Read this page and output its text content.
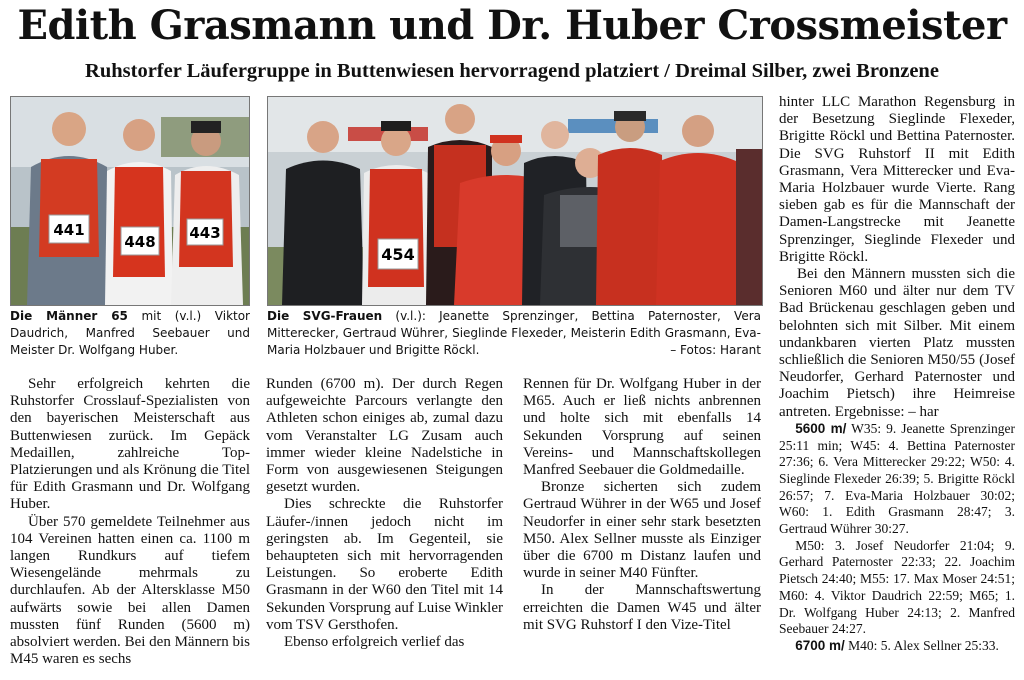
Edith Grasmann und Dr. Huber Crossmeister
Ruhstorfer Läufergruppe in Buttenwiesen hervorragend platziert / Dreimal Silber, zwei Bronzene
441
448 443
454

Die Männer 65 mit (v.l.) Viktor Daudrich, Manfred Seebauer und Meister Dr. Wolfgang Huber.

Die SVG-Frauen (v.l.): Jeanette Sprenzinger, Bettina Paternoster, Vera Mitterecker, Gertraud Wührer, Sieglinde Flexeder, Meisterin Edith Grasmann, Eva-Maria Holzbauer und Brigitte Röckl.	– Fotos: Harant

Sehr erfolgreich kehrten die Ruhstorfer Crosslauf-Spezialisten von den bayerischen Meisterschaft aus Buttenwiesen zurück. Im Gepäck Medaillen, zahlreiche Top-Platzierungen und als Krönung die Titel für Edith Grasmann und Dr. Wolfgang Huber.

Über 570 gemeldete Teilnehmer aus 104 Vereinen hatten einen ca. 1100 m langen Rundkurs auf tiefem Wiesengelände mehrmals zu durchlaufen. Ab der Altersklasse M50 aufwärts sowie bei allen Damen mussten fünf Runden (5600 m) absolviert werden. Bei den Männern bis M45 waren es sechs

Runden (6700 m). Der durch Regen aufgeweichte Parcours verlangte den Athleten schon einiges ab, zumal dazu vom Veranstalter LG Zusam auch immer wieder kleine Nadelstiche in Form von ausgewiesenen Steigungen gesetzt wurden.

Dies schreckte die Ruhstorfer Läufer-/innen jedoch nicht im geringsten ab. Im Gegenteil, sie behaupteten sich mit hervorragenden Leistungen. So eroberte Edith Grasmann in der W60 den Titel mit 14 Sekunden Vorsprung auf Luise Winkler vom TSV Gersthofen.

Ebenso erfolgreich verlief das

Rennen für Dr. Wolfgang Huber in der M65. Auch er ließ nichts anbrennen und holte sich mit ebenfalls 14 Sekunden Vorsprung auf seinen Vereins- und Mannschaftskollegen Manfred Seebauer die Goldmedaille.

Bronze sicherten sich zudem Gertraud Wührer in der W65 und Josef Neudorfer in einer sehr stark besetzten M50. Alex Sellner musste als Einziger über die 6700 m Distanz laufen und wurde in seiner M40 Fünfter.

In der Mannschaftswertung erreichten die Damen W45 und älter mit SVG Ruhstorf I den Vize-Titel

hinter LLC Marathon Regensburg in der Besetzung Sieglinde Flexeder, Brigitte Röckl und Bettina Paternoster. Die SVG Ruhstorf II mit Edith Grasmann, Vera Mitterecker und Eva-Maria Holzbauer wurde Vierte. Rang sieben gab es für die Mannschaft der Damen-Langstrecke mit Jeanette Sprenzinger, Sieglinde Flexeder und Brigitte Röckl.

Bei den Männern mussten sich die Senioren M60 und älter nur dem TV Bad Brückenau geschlagen geben und belohnten sich mit Silber. Mit einem undankbaren vierten Platz mussten schließlich die Senioren M50/55 (Josef Neudorfer, Gerhard Paternoster und Joachim Pietsch) ihre Heimreise antreten. Ergebnisse: – har

5600 m/ W35: 9. Jeanette Sprenzinger 25:11 min; W45: 4. Bettina Paternoster 27:36; 6. Vera Mitterecker 29:22; W50: 4. Sieglinde Flexeder 26:39; 5. Brigitte Röckl 26:57; 7. Eva-Maria Holzbauer 30:02; W60: 1. Edith Grasmann 28:47; 3. Gertraud Wührer 30:27.

M50: 3. Josef Neudorfer 21:04; 9. Gerhard Paternoster 22:33; 22. Joachim Pietsch 24:40; M55: 17. Max Moser 24:51; M60: 4. Viktor Daudrich 22:59; M65; 1. Dr. Wolfgang Huber 24:13; 2. Manfred Seebauer 24:27.

6700 m/ M40: 5. Alex Sellner 25:33.
